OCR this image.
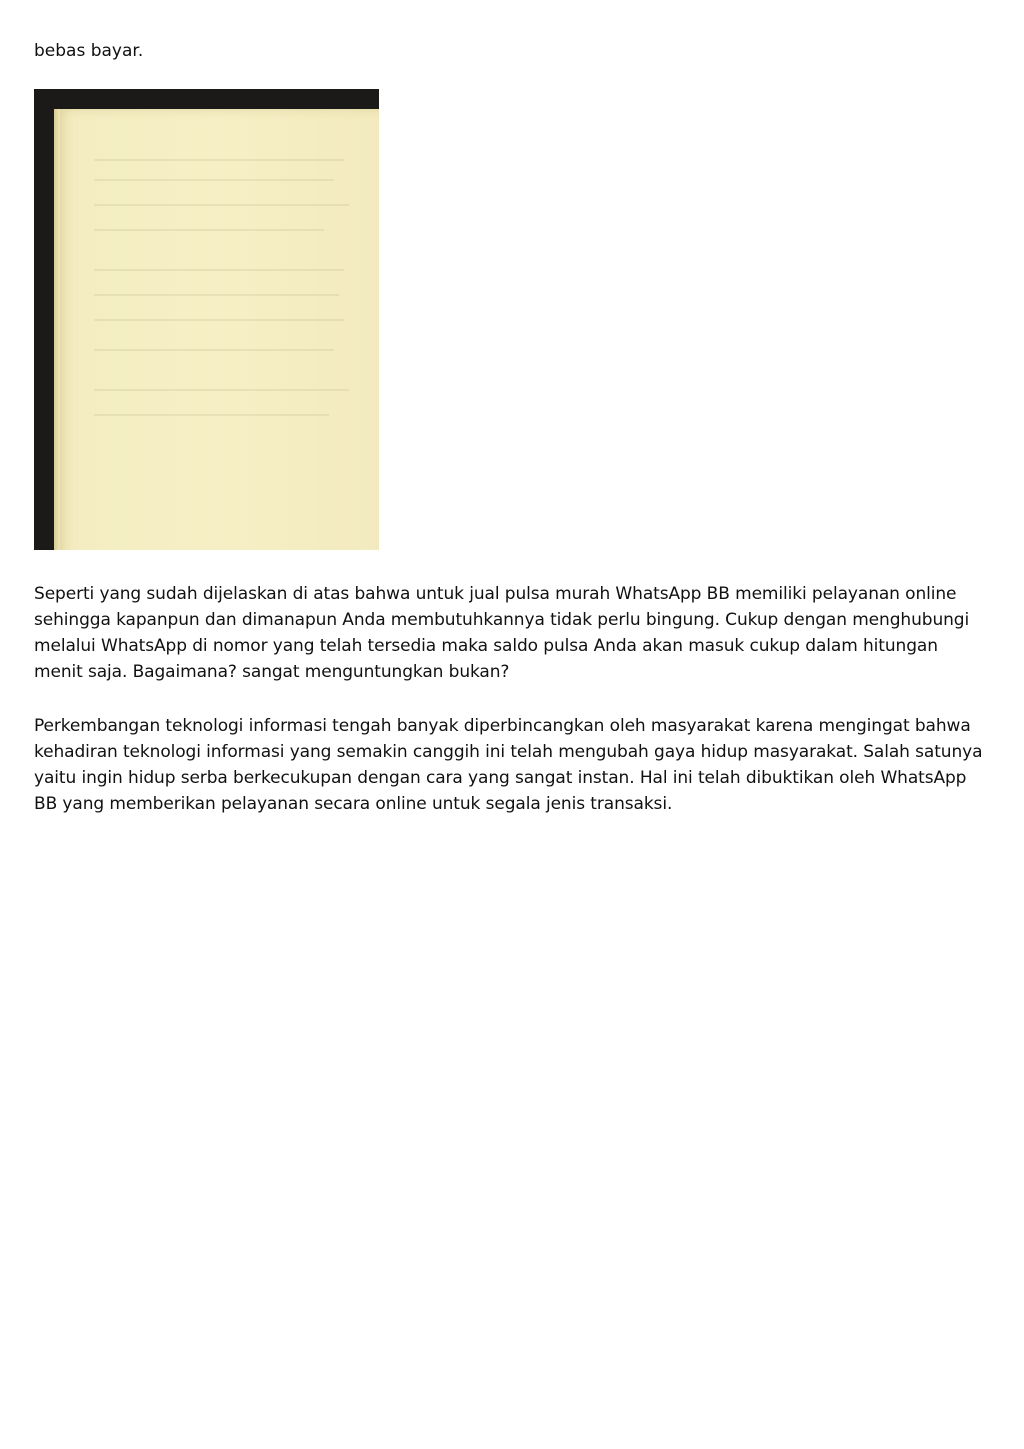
bebas bayar.

Seperti yang sudah dijelaskan di atas bahwa untuk jual pulsa murah WhatsApp BB memiliki pelayanan online sehingga kapanpun dan dimanapun Anda membutuhkannya tidak perlu bingung. Cukup dengan menghubungi melalui WhatsApp di nomor yang telah tersedia maka saldo pulsa Anda akan masuk cukup dalam hitungan menit saja. Bagaimana? sangat menguntungkan bukan?

Perkembangan teknologi informasi tengah banyak diperbincangkan oleh masyarakat karena mengingat bahwa kehadiran teknologi informasi yang semakin canggih ini telah mengubah gaya hidup masyarakat. Salah satunya yaitu ingin hidup serba berkecukupan dengan cara yang sangat instan. Hal ini telah dibuktikan oleh WhatsApp BB yang memberikan pelayanan secara online untuk segala jenis transaksi.
